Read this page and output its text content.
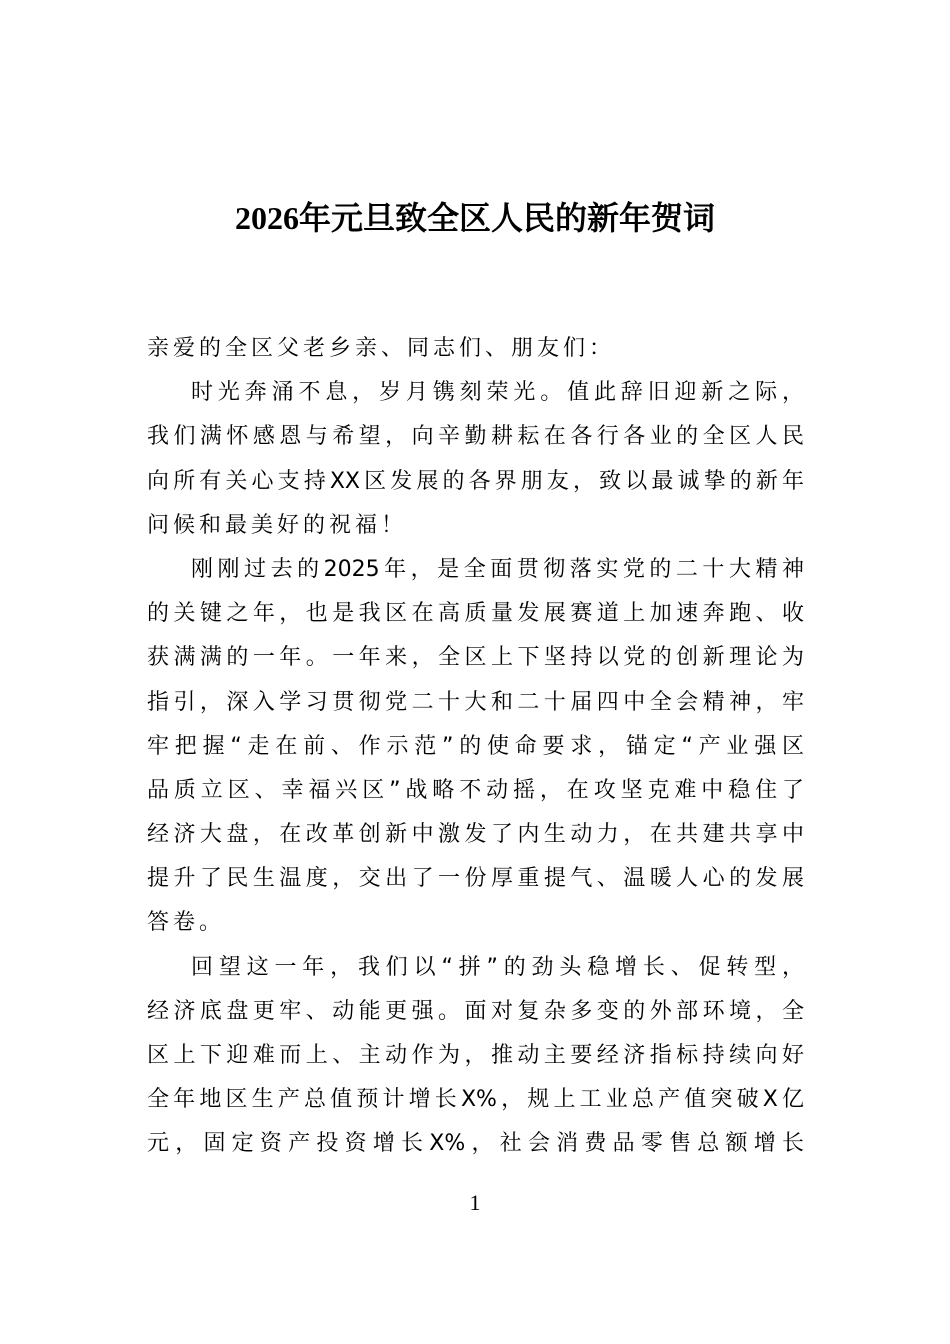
2026年元旦致全区人民的新年贺词
亲爱的全区父老乡亲、同志们、朋友们：
时光奔涌不息，岁月镌刻荣光。值此辞旧迎新之际，
我们满怀感恩与希望，向辛勤耕耘在各行各业的全区人民
向所有关心支持XX区发展的各界朋友，致以最诚挚的新年
问候和最美好的祝福！
刚刚过去的2025年，是全面贯彻落实党的二十大精神
的关键之年，也是我区在高质量发展赛道上加速奔跑、收
获满满的一年。一年来，全区上下坚持以党的创新理论为
指引，深入学习贯彻党二十大和二十届四中全会精神，牢
牢把握“走在前、作示范”的使命要求，锚定“产业强区
品质立区、幸福兴区”战略不动摇，在攻坚克难中稳住了
经济大盘，在改革创新中激发了内生动力，在共建共享中
提升了民生温度，交出了一份厚重提气、温暖人心的发展
答卷。
回望这一年，我们以“拼”的劲头稳增长、促转型，
经济底盘更牢、动能更强。面对复杂多变的外部环境，全
区上下迎难而上、主动作为，推动主要经济指标持续向好
全年地区生产总值预计增长X%，规上工业总产值突破X亿
元，固定资产投资增长X%，社会消费品零售总额增长
1
